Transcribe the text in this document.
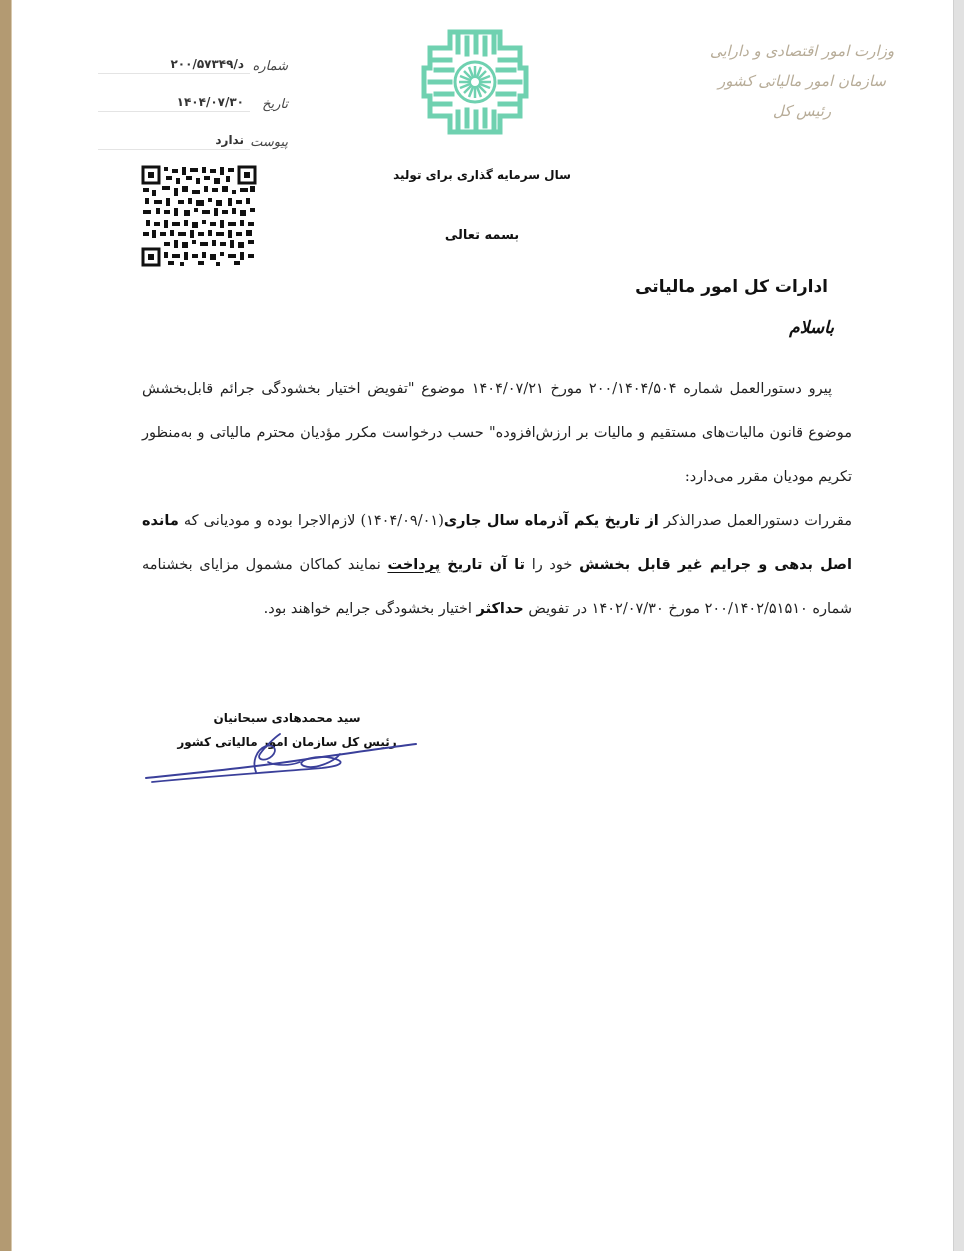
وزارت امور اقتصادی و دارایی
سازمان امور مالیاتی کشور
رئیس کل
شماره
د/۲۰۰/۵۷۳۴۹
تاریخ
۱۴۰۴/۰۷/۳۰
پیوست
ندارد
سال سرمایه گذاری برای تولید
بسمه تعالی
ادارات کل امور مالیاتی
باسلام

پیرو دستورالعمل شماره ۲۰۰/۱۴۰۴/۵۰۴ مورخ ۱۴۰۴/۰۷/۲۱ موضوع "تفویض اختیار بخشودگی جرائم قابل‌بخشش موضوع قانون مالیات‌های مستقیم و مالیات بر ارزش‌افزوده" حسب درخواست مکرر مؤدیان محترم مالیاتی و به‌منظور تکریم مودیان مقرر می‌دارد:

مقررات دستورالعمل صدرالذکر از تاریخ یکم آذرماه سال جاری(۱۴۰۴/۰۹/۰۱) لازم‌الاجرا بوده و مودیانی که مانده اصل بدهی و جرایم غیر قابل بخشش خود را تا آن تاریخ پرداخت نمایند کماکان مشمول مزایای بخشنامه شماره ۲۰۰/۱۴۰۲/۵۱۵۱۰ مورخ ۱۴۰۲/۰۷/۳۰ در تفویض حداکثر اختیار بخشودگی جرایم خواهند بود.

سید محمدهادی سبحانیان
رئیس کل سازمان امور مالیاتی کشور
